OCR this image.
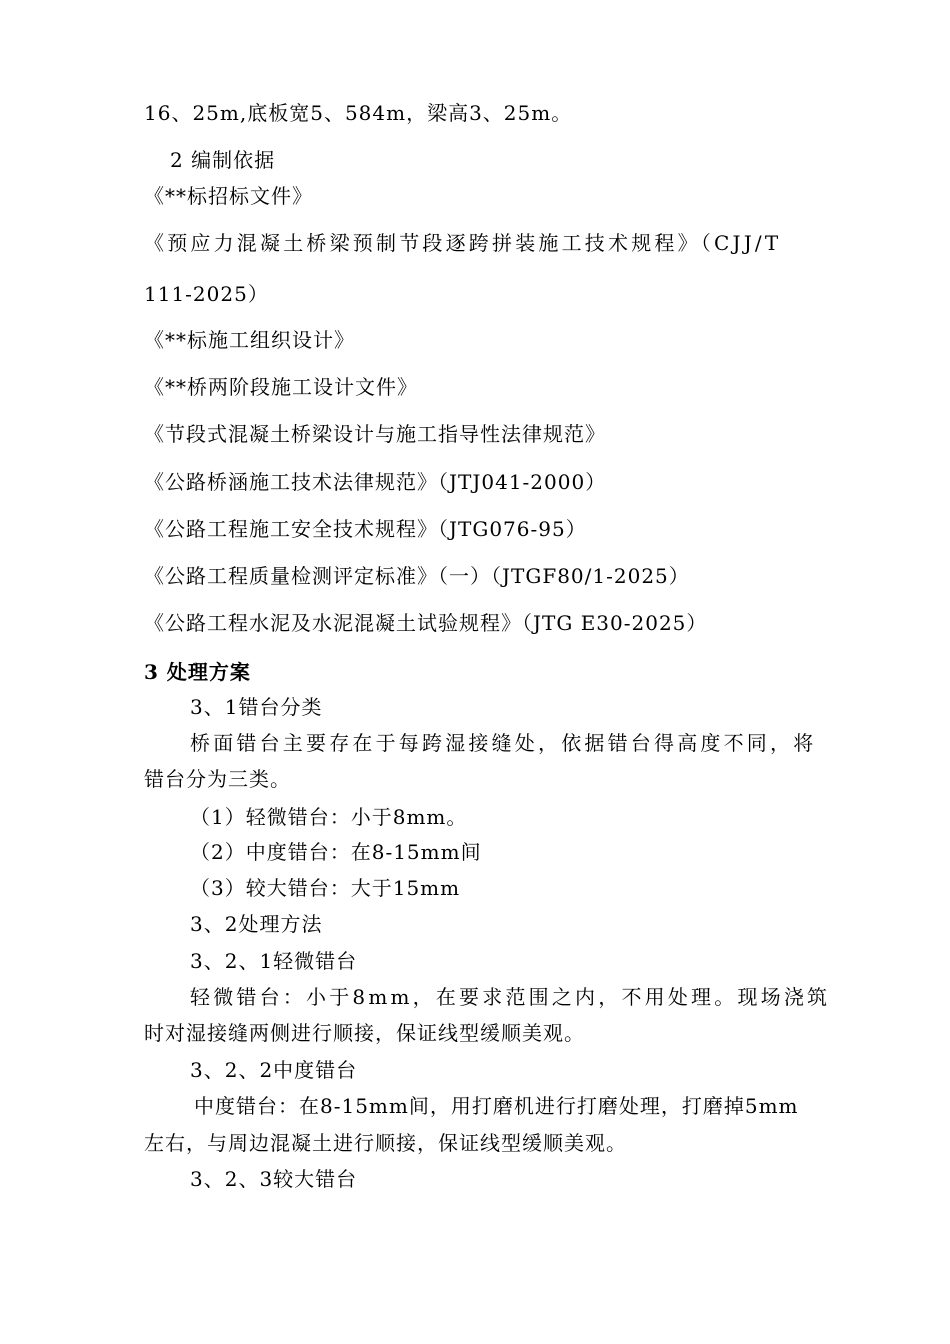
16、25m,底板宽5、584m，梁高3、25m。
2 编制依据
《**标招标文件》
《预应力混凝土桥梁预制节段逐跨拼装施工技术规程》（CJJ/T
111-2025）
《**标施工组织设计》
《**桥两阶段施工设计文件》
《节段式混凝土桥梁设计与施工指导性法律规范》
《公路桥涵施工技术法律规范》（JTJ041-2000）
《公路工程施工安全技术规程》（JTG076-95）
《公路工程质量检测评定标准》（一）（JTGF80/1-2025）
《公路工程水泥及水泥混凝土试验规程》（JTG E30-2025）
3 处理方案
3、1错台分类
桥面错台主要存在于每跨湿接缝处，依据错台得高度不同，将
错台分为三类。
（1）轻微错台：小于8mm。
（2）中度错台：在8-15mm间
（3）较大错台：大于15mm
3、2处理方法
3、2、1轻微错台
轻微错台：小于8mm，在要求范围之内，不用处理。现场浇筑
时对湿接缝两侧进行顺接，保证线型缓顺美观。
3、2、2中度错台
中度错台：在8-15mm间，用打磨机进行打磨处理，打磨掉5mm
左右，与周边混凝土进行顺接，保证线型缓顺美观。
3、2、3较大错台
